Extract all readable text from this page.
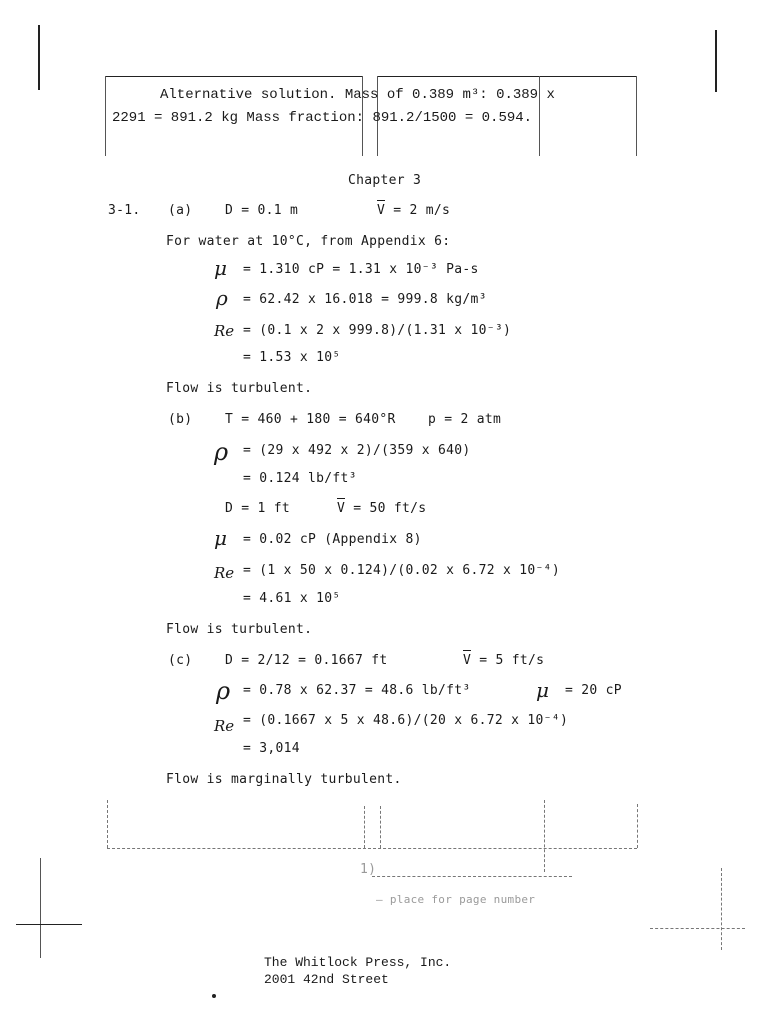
Alternative solution. Mass of 0.389 m³: 0.389 x
2291 = 891.2 kg Mass fraction: 891.2/1500 = 0.594.
Chapter 3
3-1. (a)	D = 0.1 m	V = 2 m/s
For water at 10°C, from Appendix 6:
μ = 1.310 cP = 1.31 x 10⁻³ Pa-s
ρ = 62.42 x 16.018 = 999.8 kg/m³
Re = (0.1 x 2 x 999.8)/(1.31 x 10⁻³)
= 1.53 x 10⁵
Flow is turbulent.
(b)	T = 460 + 180 = 640°R p = 2 atm
ρ = (29 x 492 x 2)/(359 x 640)
= 0.124 lb/ft³
D = 1 ft	V = 50 ft/s
μ = 0.02 cP (Appendix 8)
Re = (1 x 50 x 0.124)/(0.02 x 6.72 x 10⁻⁴)
= 4.61 x 10⁵
Flow is turbulent.
(c)	D = 2/12 = 0.1667 ft	V = 5 ft/s
ρ = 0.78 x 62.37 = 48.6 lb/ft³	μ = 20 cP
Re = (0.1667 x 5 x 48.6)/(20 x 6.72 x 10⁻⁴)
= 3,014
Flow is marginally turbulent.
1)
— place for page number
The Whitlock Press, Inc.
2001 42nd Street
